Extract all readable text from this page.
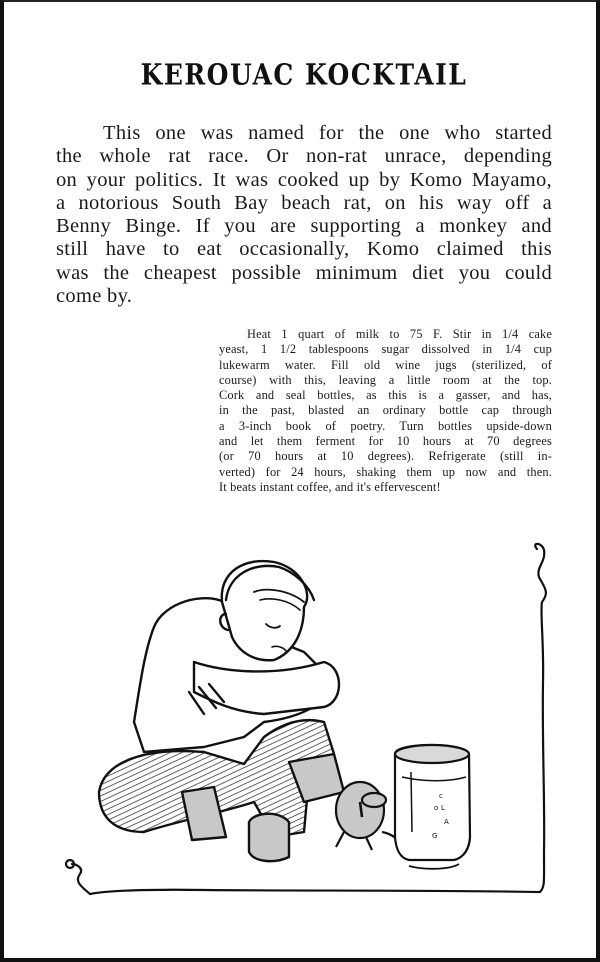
KEROUAC KOCKTAIL
This one was named for the one who started
the whole rat race. Or non-rat unrace, depending
on your politics. It was cooked up by Komo Mayamo,
a notorious South Bay beach rat, on his way off a
Benny Binge. If you are supporting a monkey and
still have to eat occasionally, Komo claimed this
was the cheapest possible minimum diet you could
come by.
Heat 1 quart of milk to 75 F. Stir in 1/4 cake
yeast, 1 1/2 tablespoons sugar dissolved in 1/4 cup
lukewarm water. Fill old wine jugs (sterilized, of
course) with this, leaving a little room at the top.
Cork and seal bottles, as this is a gasser, and has,
in the past, blasted an ordinary bottle cap through
a 3-inch book of poetry. Turn bottles upside-down
and let them ferment for 10 hours at 70 degrees
(or 70 hours at 10 degrees). Refrigerate (still in-
verted) for 24 hours, shaking them up now and then.
It beats instant coffee, and it's effervescent!
c
o L
A
G
